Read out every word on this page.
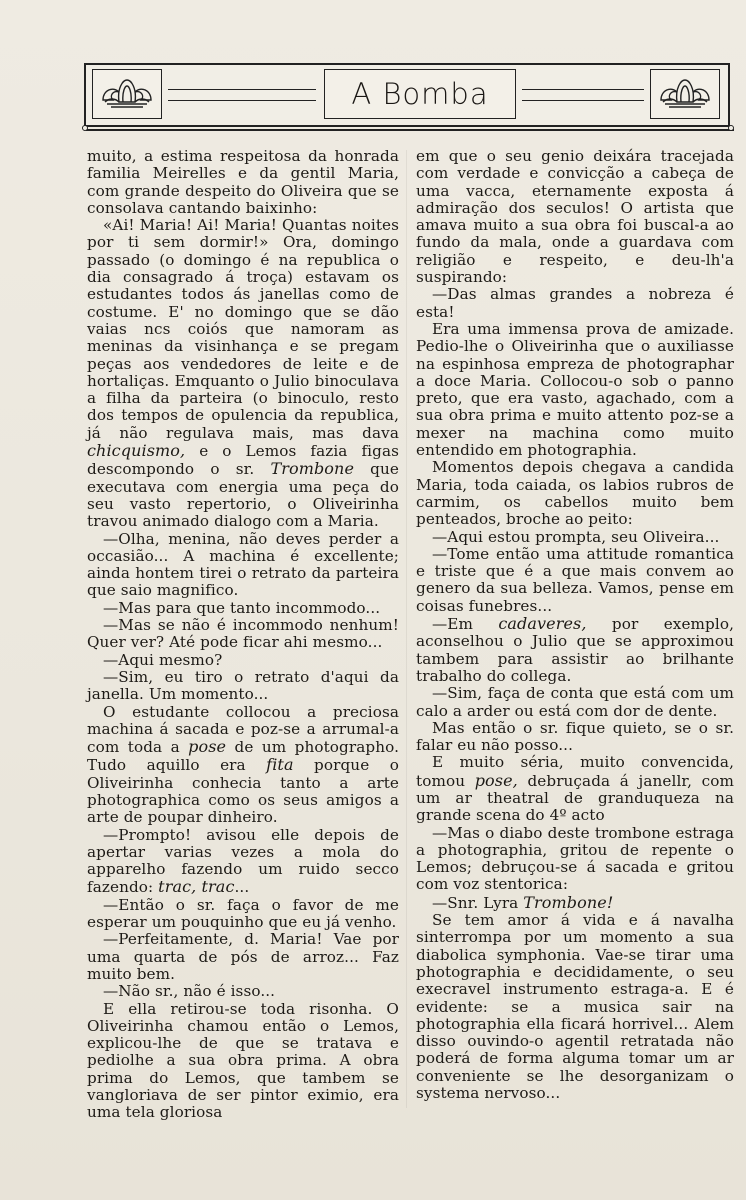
A Bomba

muito, a estima respeitosa da honrada familia Meirelles e da gentil Maria, com grande despeito do Oliveira que se consolava cantando baixinho:

«Ai! Maria! Ai! Maria! Quantas noites por ti sem dormir!» Ora, domingo passado (o domingo é na republica o dia consagrado á troça) estavam os estudantes todos ás janellas como de costume. E' no domingo que se dão vaias ncs coiós que namoram as meninas da visinhança e se pregam peças aos vendedores de leite e de hortaliças. Emquanto o Julio binoculava a filha da parteira (o binoculo, resto dos tempos de opulencia da republica, já não regulava mais, mas dava chicquismo, e o Lemos fazia figas descompondo o sr. Trombone que executava com energia uma peça do seu vasto repertorio, o Oliveirinha travou animado dialogo com a Maria.

—Olha, menina, não deves perder a occasião... A machina é excellente; ainda hontem tirei o retrato da parteira que saio magnifico.

—Mas para que tanto incommodo...

—Mas se não é incommodo nenhum! Quer ver? Até pode ficar ahi mesmo...

—Aqui mesmo?

—Sim, eu tiro o retrato d'aqui da janella. Um momento...

O estudante collocou a preciosa machina á sacada e poz-se a arrumal-a com toda a pose de um photographo. Tudo aquillo era fita porque o Oliveirinha conhecia tanto a arte photographica como os seus amigos a arte de poupar dinheiro.

—Prompto! avisou elle depois de apertar varias vezes a mola do apparelho fazendo um ruido secco fazendo: trac, trac...

—Então o sr. faça o favor de me esperar um pouquinho que eu já venho.

—Perfeitamente, d. Maria! Vae por uma quarta de pós de arroz... Faz muito bem.

—Não sr., não é isso...

E ella retirou-se toda risonha. O Oliveirinha chamou então o Lemos, explicou-lhe de que se tratava e pediolhe a sua obra prima. A obra prima do Lemos, que tambem se vangloriava de ser pintor eximio, era uma tela gloriosa

em que o seu genio deixára tracejada com verdade e convicção a cabeça de uma vacca, eternamente exposta á admiração dos seculos! O artista que amava muito a sua obra foi buscal-a ao fundo da mala, onde a guardava com religião e respeito, e deu-lh'a suspirando:

—Das almas grandes a nobreza é esta!

Era uma immensa prova de amizade. Pedio-lhe o Oliveirinha que o auxiliasse na espinhosa empreza de photographar a doce Maria. Collocou-o sob o panno preto, que era vasto, agachado, com a sua obra prima e muito attento poz-se a mexer na machina como muito entendido em photographia.

Momentos depois chegava a candida Maria, toda caiada, os labios rubros de carmim, os cabellos muito bem penteados, broche ao peito:

—Aqui estou prompta, seu Oliveira...

—Tome então uma attitude romantica e triste que é a que mais convem ao genero da sua belleza. Vamos, pense em coisas funebres...

—Em cadaveres, por exemplo, aconselhou o Julio que se approximou tambem para assistir ao brilhante trabalho do collega.

—Sim, faça de conta que está com um calo a arder ou está com dor de dente.

Mas então o sr. fique quieto, se o sr. falar eu não posso...

E muito séria, muito convencida, tomou pose, debruçada á janellr, com um ar theatral de granduqueza na grande scena do 4º acto

—Mas o diabo deste trombone estraga a photographia, gritou de repente o Lemos; debruçou-se á sacada e gritou com voz stentorica:

—Snr. Lyra Trombone!

Se tem amor á vida e á navalha sinterrompa por um momento a sua diabolica symphonia. Vae-se tirar uma photographia e decididamente, o seu execravel instrumento estraga-a. E é evidente: se a musica sair na photographia ella ficará horrivel... Alem disso ouvindo-o agentil retratada não poderá de forma alguma tomar um ar conveniente se lhe desorganizam o systema nervoso...
